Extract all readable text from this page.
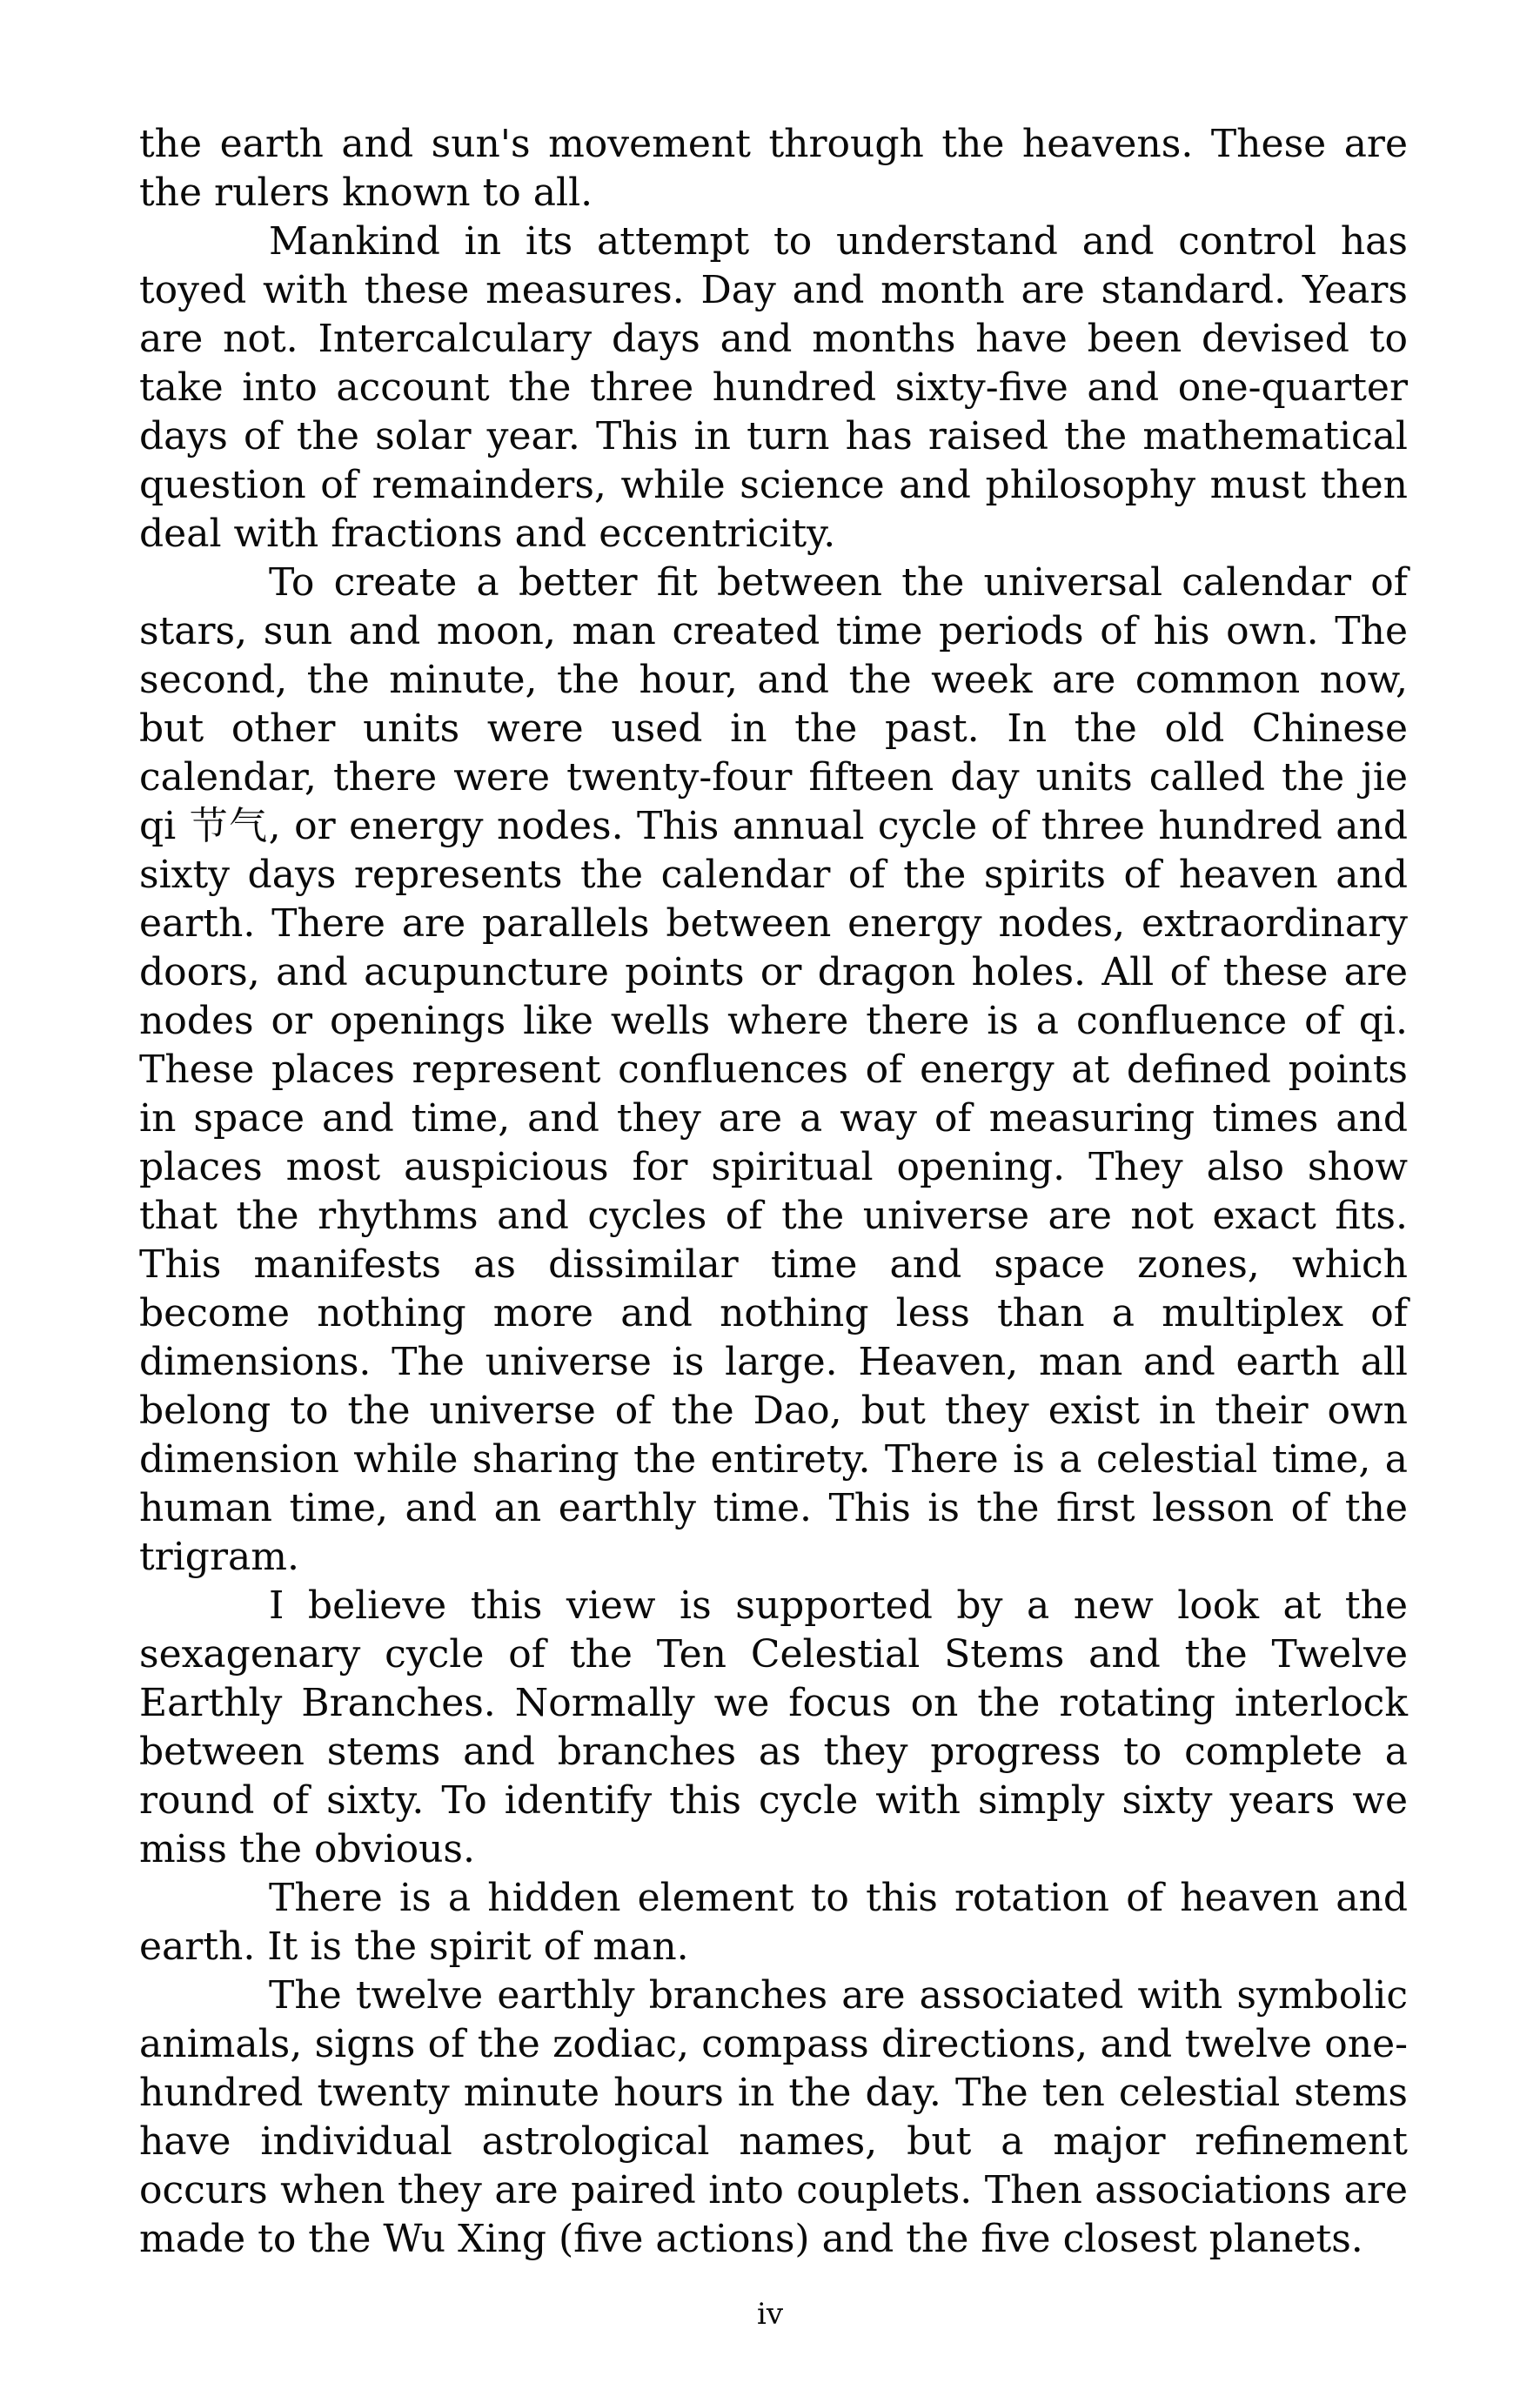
the earth and sun's movement through the heavens. These are the rulers known to all.

Mankind in its attempt to understand and control has toyed with these measures. Day and month are standard. Years are not. Intercalculary days and months have been devised to take into account the three hundred sixty-five and one-quarter days of the solar year. This in turn has raised the mathematical question of remainders, while science and philosophy must then deal with fractions and eccentricity.

To create a better fit between the universal calendar of stars, sun and moon, man created time periods of his own. The second, the minute, the hour, and the week are common now, but other units were used in the past. In the old Chinese calendar, there were twenty-four fifteen day units called the jie qi 节气, or energy nodes. This annual cycle of three hundred and sixty days represents the calendar of the spirits of heaven and earth. There are parallels between energy nodes, extraordinary doors, and acupuncture points or dragon holes. All of these are nodes or openings like wells where there is a confluence of qi. These places represent confluences of energy at defined points in space and time, and they are a way of measuring times and places most auspicious for spiritual opening. They also show that the rhythms and cycles of the universe are not exact fits. This manifests as dissimilar time and space zones, which become nothing more and nothing less than a multiplex of dimensions. The universe is large. Heaven, man and earth all belong to the universe of the Dao, but they exist in their own dimension while sharing the entirety. There is a celestial time, a human time, and an earthly time. This is the first lesson of the trigram.

I believe this view is supported by a new look at the sexagenary cycle of the Ten Celestial Stems and the Twelve Earthly Branches. Normally we focus on the rotating interlock between stems and branches as they progress to complete a round of sixty. To identify this cycle with simply sixty years we miss the obvious.

There is a hidden element to this rotation of heaven and earth. It is the spirit of man.

The twelve earthly branches are associated with symbolic animals, signs of the zodiac, compass directions, and twelve one-hundred twenty minute hours in the day. The ten celestial stems have individual astrological names, but a major refinement occurs when they are paired into couplets. Then associations are made to the Wu Xing (five actions) and the five closest planets.

iv
